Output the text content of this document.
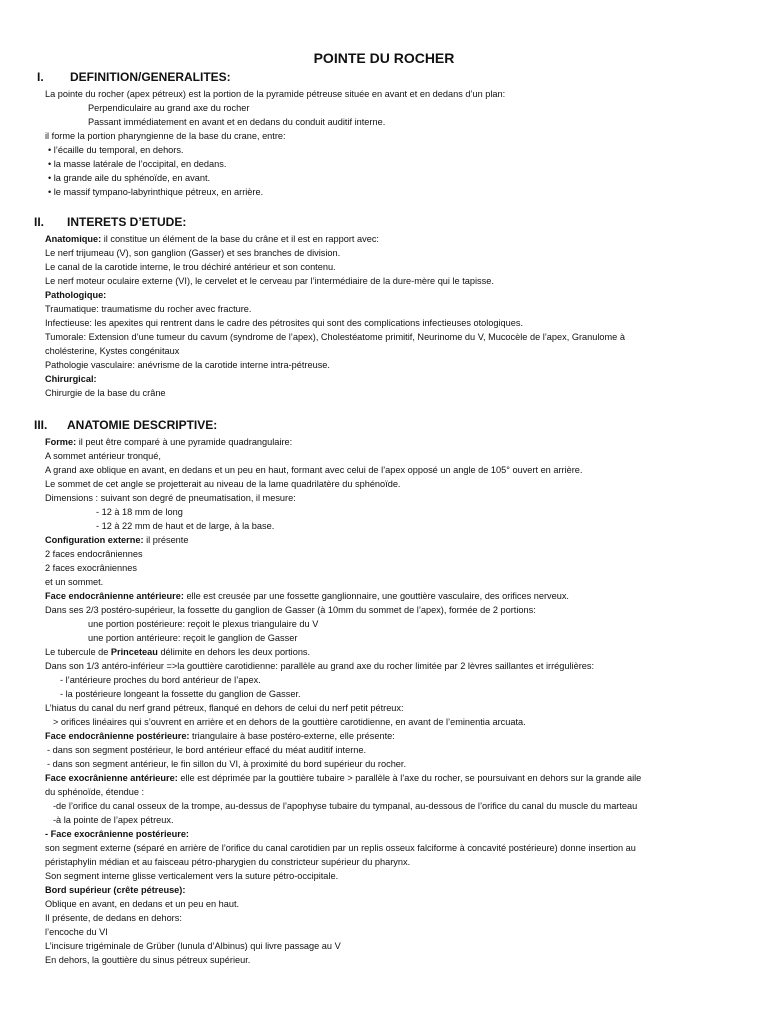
POINTE DU ROCHER
I. DEFINITION/GENERALITES:
La pointe du rocher (apex pétreux) est la portion de la pyramide pétreuse située en avant et en dedans d’un plan:
Perpendiculaire au grand axe du rocher
Passant immédiatement en avant et en dedans du conduit auditif interne.
il forme la portion pharyngienne de la base du crane, entre:
• l’écaille du temporal, en dehors.
• la masse latérale de l’occipital, en dedans.
• la grande aile du sphénoïde, en avant.
• le massif tympano-labyrinthique pétreux, en arrière.
II. INTERETS D’ETUDE:
Anatomique: il constitue un élément de la base du crâne et il est en rapport avec:
Le nerf trijumeau (V), son ganglion (Gasser) et ses branches de division.
Le canal de la carotide interne, le trou déchiré antérieur et son contenu.
Le nerf moteur oculaire externe (VI), le cervelet et le cerveau par l’intermédiaire de la dure-mère qui le tapisse.
Pathologique:
Traumatique: traumatisme du rocher avec fracture.
Infectieuse: les apexites qui rentrent dans le cadre des pétrosites qui sont des complications infectieuses otologiques.
Tumorale: Extension d’une tumeur du cavum (syndrome de l’apex), Cholestéatome primitif, Neurinome du V, Mucocèle de l’apex, Granulome à
cholésterine, Kystes congénitaux
Pathologie vasculaire: anévrisme de la carotide interne intra-pétreuse.
Chirurgical:
Chirurgie de la base du crâne
III. ANATOMIE DESCRIPTIVE:
Forme: il peut être comparé à une pyramide quadrangulaire:
A sommet antérieur tronqué,
A grand axe oblique en avant, en dedans et un peu en haut, formant avec celui de l’apex opposé un angle de 105° ouvert en arrière.
Le sommet de cet angle se projetterait au niveau de la lame quadrilatère du sphénoïde.
Dimensions : suivant son degré de pneumatisation, il mesure:
- 12 à 18 mm de long
- 12 à 22 mm de haut et de large, à la base.
Configuration externe: il présente
2 faces endocrâniennes
2 faces exocrâniennes
et un sommet.
Face endocrânienne antérieure: elle est creusée par une fossette ganglionnaire, une gouttière vasculaire, des orifices nerveux.
Dans ses 2/3 postéro-supérieur, la fossette du ganglion de Gasser (à 10mm du sommet de l’apex), formée de 2 portions:
une portion postérieure: reçoit le plexus triangulaire du V
une portion antérieure: reçoit le ganglion de Gasser
Le tubercule de Princeteau délimite en dehors les deux portions.
Dans son 1/3 antéro-inférieur =>la gouttière carotidienne: parallèle au grand axe du rocher limitée par 2 lèvres saillantes et irrégulières:
- l’antérieure proches du bord antérieur de l’apex.
- la postérieure longeant la fossette du ganglion de Gasser.
L’hiatus du canal du nerf grand pétreux, flanqué en dehors de celui du nerf petit pétreux:
> orifices linéaires qui s’ouvrent en arrière et en dehors de la gouttière carotidienne, en avant de l’eminentia arcuata.
Face endocrânienne postérieure: triangulaire à base postéro-externe, elle présente:
- dans son segment postérieur, le bord antérieur effacé du méat auditif interne.
- dans son segment antérieur, le fin sillon du VI, à proximité du bord supérieur du rocher.
Face exocrânienne antérieure: elle est déprimée par la gouttière tubaire > parallèle à l’axe du rocher, se poursuivant en dehors sur la grande aile
du sphénoïde, étendue :
-de l’orifice du canal osseux de la trompe, au-dessus de l’apophyse tubaire du tympanal, au-dessous de l’orifice du canal du muscle du marteau
-à la pointe de l’apex pétreux.
- Face exocrânienne postérieure:
son segment externe (séparé en arrière de l’orifice du canal carotidien par un replis osseux falciforme à concavité postérieure) donne insertion au
péristaphylin médian et au faisceau pétro-pharygien du constricteur supérieur du pharynx.
Son segment interne glisse verticalement vers la suture pétro-occipitale.
Bord supérieur (crête pétreuse):
Oblique en avant, en dedans et un peu en haut.
Il présente, de dedans en dehors:
l’encoche du VI
L’incisure trigéminale de Grüber (lunula d’Albinus) qui livre passage au V
En dehors, la gouttière du sinus pétreux supérieur.
